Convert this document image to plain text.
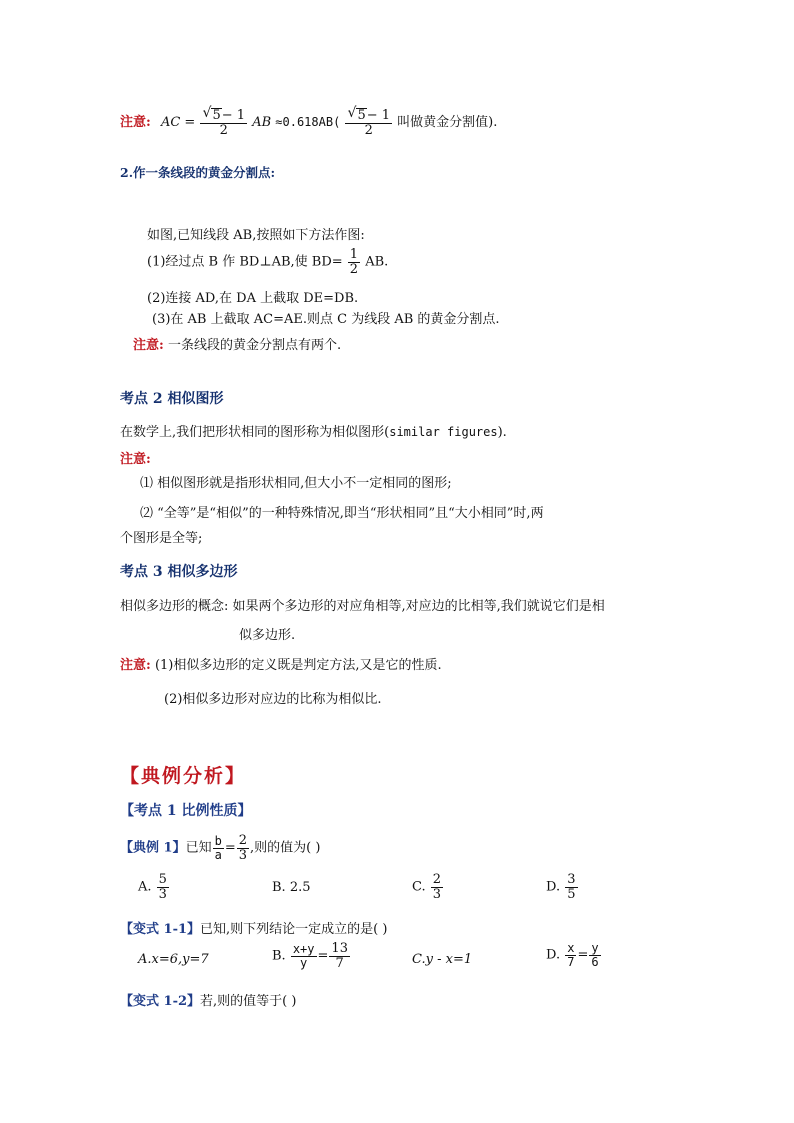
注意: AC = $\frac{√ 5- 1}{2}$ AB $\approx 0.618AB( \frac{√ 5- 1}{2}$ 叫做黄金分割值).
2.作一条线段的黄金分割点:
如图,已知线段 AB,按照如下方法作图:
(1)经过点 B 作 BD⊥AB,使 $BD= \frac{1}{2}$ AB.
(2)连接 AD,在 DA 上截取 DE=DB.
(3)在 AB 上截取 AC=AE.则点 C 为线段 AB 的黄金分割点.
注意: 一条线段的黄金分割点有两个.
考点 2 相似图形
在数学上,我们把形状相同的图形称为相似图形(similar figures).
注意:
⑴ 相似图形就是指形状相同,但大小不一定相同的图形;
⑵ “全等”是“相似”的一种特殊情况,即当“形状相同”且“大小相同”时,两
个图形是全等;
考点 3 相似多边形
相似多边形的概念: 如果两个多边形的对应角相等,对应边的比相等,我们就说它们是相
似多边形.
注意: (1)相似多边形的定义既是判定方法,又是它的性质.
(2)相似多边形对应边的比称为相似比.
【典例分析】
【考点 1 比例性质】
【典例 1】已知 $\frac{b}{a} = \frac{2}{3}$ ,则的值为( )
A. $\frac{5}{3}$	B. 2.5	C. $\frac{2}{3}$	D. $\frac{3}{5}$
【变式 1-1】已知,则下列结论一定成立的是( )
A.x=6,y=7	B. $\frac{x+y}{y} = \frac{13}{7}$	C.y - x=1	D. $\frac{x}{7} = \frac{y}{6}$
【变式 1-2】若,则的值等于( )
